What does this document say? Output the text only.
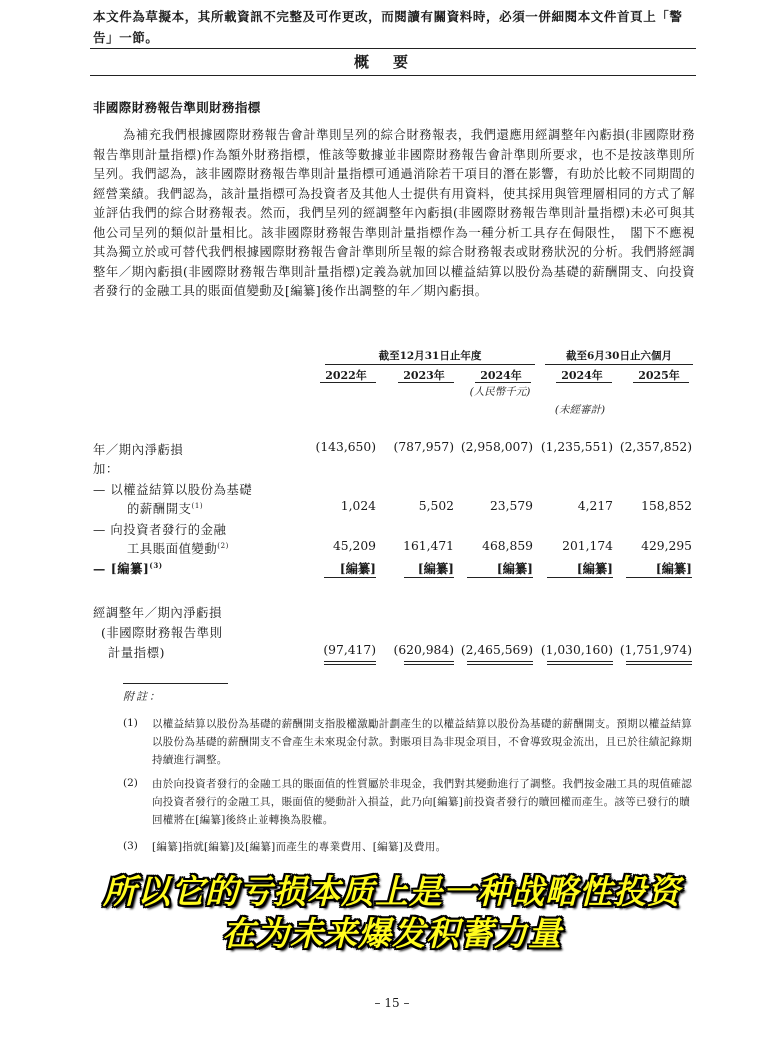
本文件為草擬本，其所載資訊不完整及可作更改，而閱讀有關資料時，必須一併細閱本文件首頁上「警告」一節。
概要
非國際財務報告準則財務指標
為補充我們根據國際財務報告會計準則呈列的綜合財務報表，我們還應用經調整年內虧損(非國際財務報告準則計量指標)作為額外財務指標，惟該等數據並非國際財務報告會計準則所要求，也不是按該準則所呈列。我們認為，該非國際財務報告準則計量指標可通過消除若干項目的潛在影響，有助於比較不同期間的經營業績。我們認為，該計量指標可為投資者及其他人士提供有用資料，使其採用與管理層相同的方式了解並評估我們的綜合財務報表。然而，我們呈列的經調整年內虧損(非國際財務報告準則計量指標)未必可與其他公司呈列的類似計量相比。該非國際財務報告準則計量指標作為一種分析工具存在侷限性，　閣下不應視其為獨立於或可替代我們根據國際財務報告會計準則所呈報的綜合財務報表或財務狀況的分析。我們將經調整年／期內虧損(非國際財務報告準則計量指標)定義為就加回以權益結算以股份為基礎的薪酬開支、向投資者發行的金融工具的賬面值變動及[編纂]後作出調整的年／期內虧損。
截至12月31日止年度	截至6月30日止六個月
2022年	2023年	2024年	2024年	2025年
(人民幣千元)
(未經審計)
年／期內淨虧損	(143,650)	(787,957) (2,958,007) (1,235,551) (2,357,852)
加：
— 以權益結算以股份為基礎
的薪酬開支$^{(1)}$	1,024	5,502	23,579	4,217	158,852
— 向投資者發行的金融
工具賬面值變動$^{(2)}$	45,209	161,471	468,859	201,174	429,295
— [編纂]$^{(3)}$	[編纂]	[編纂]	[編纂]	[編纂]	[編纂]
經調整年／期內淨虧損
(非國際財務報告準則
計量指標)	(97,417)	(620,984) (2,465,569) (1,030,160) (1,751,974)
附註：
(1) 以權益結算以股份為基礎的薪酬開支指股權激勵計劃產生的以權益結算以股份為基礎的薪酬開支。預期以權益結算以股份為基礎的薪酬開支不會產生未來現金付款。對賬項目為非現金項目，不會導致現金流出，且已於往績記錄期持續進行調整。
(2) 由於向投資者發行的金融工具的賬面值的性質屬於非現金，我們對其變動進行了調整。我們按金融工具的現值確認向投資者發行的金融工具，賬面值的變動計入損益，此乃向[編纂]前投資者發行的贖回權而產生。該等已發行的贖回權將在[編纂]後終止並轉換為股權。
(3) [編纂]指就[編纂]及[編纂]而產生的專業費用、[編纂]及費用。
所以它的亏损本质上是一种战略性投资
在为未来爆发积蓄力量
– 15 –
